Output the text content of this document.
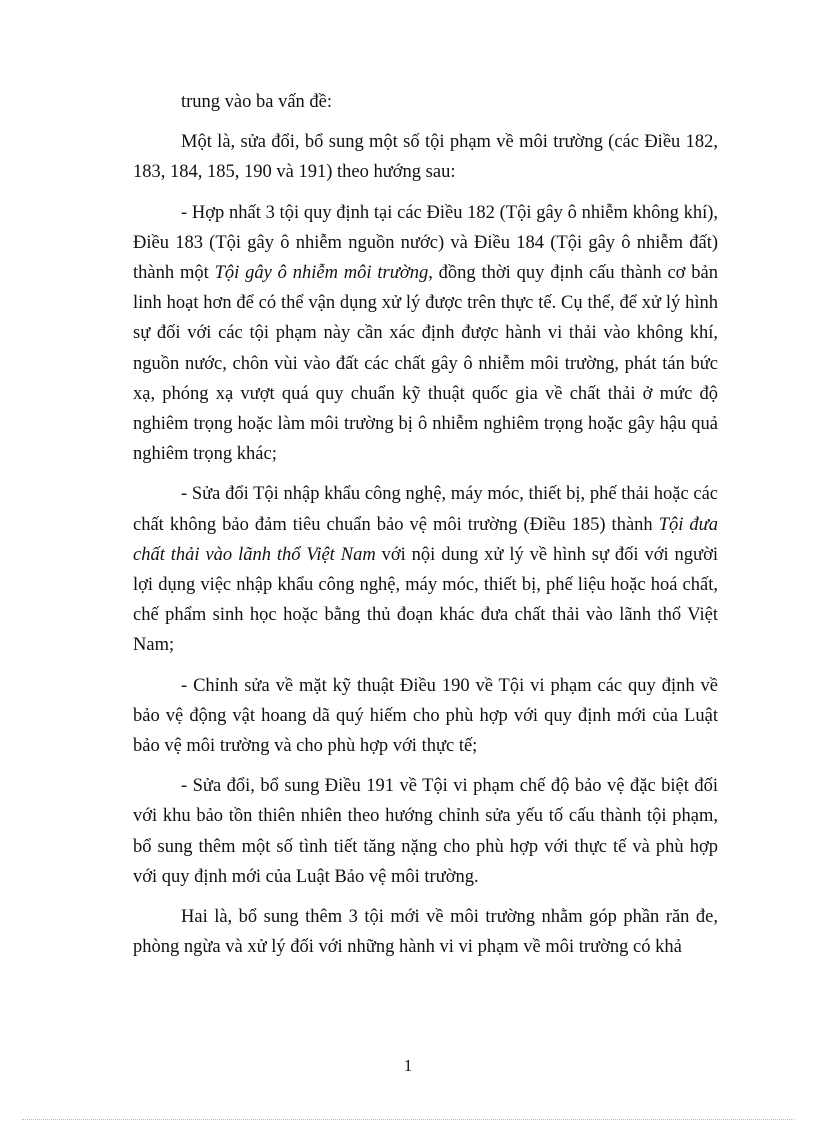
trung vào ba vấn đề:

Một là, sửa đổi, bổ sung một số tội phạm về môi trường (các Điều 182, 183, 184, 185, 190 và 191) theo hướng sau:

- Hợp nhất 3 tội quy định tại các Điều 182 (Tội gây ô nhiễm không khí), Điều 183 (Tội gây ô nhiễm nguồn nước) và Điều 184 (Tội gây ô nhiễm đất) thành một Tội gây ô nhiễm môi trường, đồng thời quy định cấu thành cơ bản linh hoạt hơn để có thể vận dụng xử lý được trên thực tế. Cụ thể, để xử lý hình sự đối với các tội phạm này cần xác định được hành vi thải vào không khí, nguồn nước, chôn vùi vào đất các chất gây ô nhiễm môi trường, phát tán bức xạ, phóng xạ vượt quá quy chuẩn kỹ thuật quốc gia về chất thải ở mức độ nghiêm trọng hoặc làm môi trường bị ô nhiễm nghiêm trọng hoặc gây hậu quả nghiêm trọng khác;

- Sửa đổi Tội nhập khẩu công nghệ, máy móc, thiết bị, phế thải hoặc các chất không bảo đảm tiêu chuẩn bảo vệ môi trường (Điều 185) thành Tội đưa chất thải vào lãnh thổ Việt Nam với nội dung xử lý về hình sự đối với người lợi dụng việc nhập khẩu công nghệ, máy móc, thiết bị, phế liệu hoặc hoá chất, chế phẩm sinh học hoặc bằng thủ đoạn khác đưa chất thải vào lãnh thổ Việt Nam;

- Chỉnh sửa về mặt kỹ thuật Điều 190 về Tội vi phạm các quy định về bảo vệ động vật hoang dã quý hiếm cho phù hợp với quy định mới của Luật bảo vệ môi trường và cho phù hợp với thực tế;

- Sửa đổi, bổ sung Điều 191 về Tội vi phạm chế độ bảo vệ đặc biệt đối với khu bảo tồn thiên nhiên theo hướng chỉnh sửa yếu tố cấu thành tội phạm, bổ sung thêm một số tình tiết tăng nặng cho phù hợp với thực tế và phù hợp với quy định mới của Luật Bảo vệ môi trường.

Hai là, bổ sung thêm 3 tội mới về môi trường nhằm góp phần răn đe, phòng ngừa và xử lý đối với những hành vi vi phạm về môi trường có khả

1
